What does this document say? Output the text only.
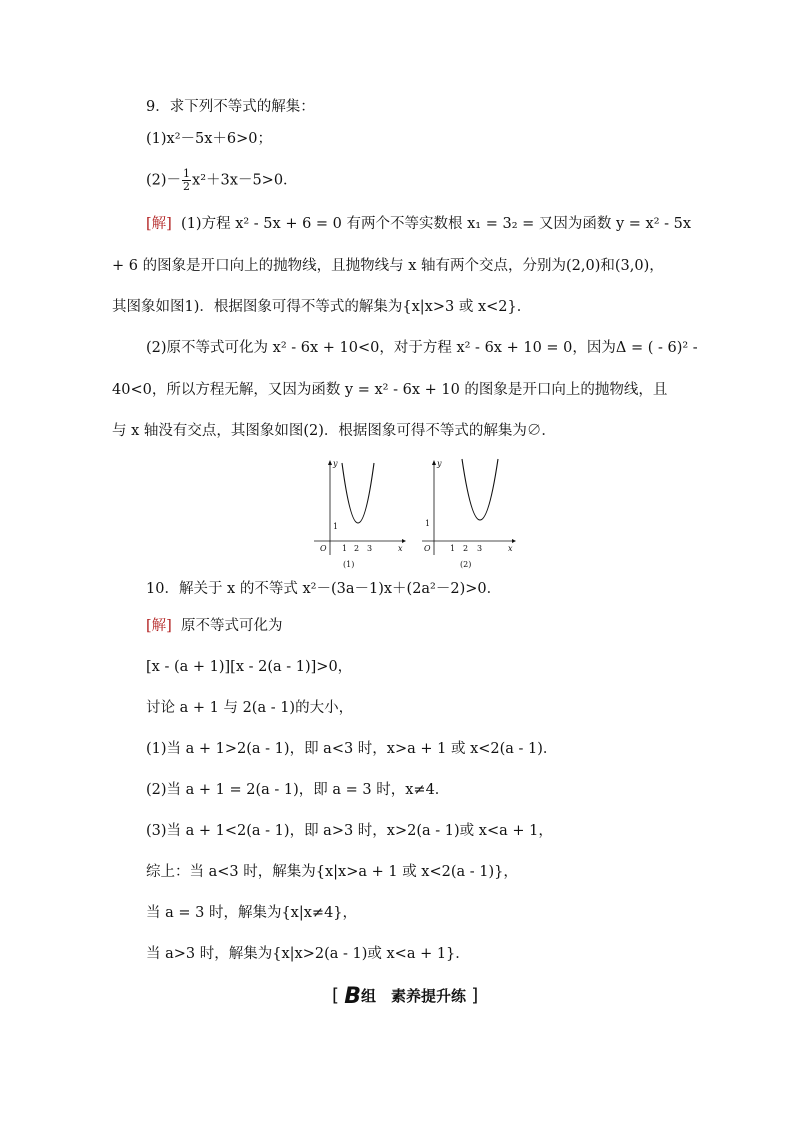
9．求下列不等式的解集：
(1)x²－5x＋6>0；
$(2)- \frac{1}{2} x^2+3x-5>0$．
[解] (1)方程 x² - 5x + 6 = 0 有两个不等实数根 x₁ = 3₂ = 又因为函数 y = x² - 5x
+ 6 的图象是开口向上的抛物线，且抛物线与 x 轴有两个交点，分别为(2,0)和(3,0)，
其图象如图1)．根据图象可得不等式的解集为{x|x>3 或 x<2}．
(2)原不等式可化为 x² - 6x + 10<0，对于方程 x² - 6x + 10 = 0，因为Δ = ( - 6)² -
40<0，所以方程无解，又因为函数 y = x² - 6x + 10 的图象是开口向上的抛物线，且
与 x 轴没有交点，其图象如图(2)．根据图象可得不等式的解集为∅．
y
x
O
1
1 2 3
(1)
y
x
O
1
1 2 3
(2)
10．解关于 x 的不等式 x²－(3a－1)x＋(2a²－2)>0．
[解] 原不等式可化为
[x - (a + 1)][x - 2(a - 1)]>0，
讨论 a + 1 与 2(a - 1)的大小，
(1)当 a + 1>2(a - 1)，即 a<3 时，x>a + 1 或 x<2(a - 1)．
(2)当 a + 1 = 2(a - 1)，即 a = 3 时，x≠4．
(3)当 a + 1<2(a - 1)，即 a>3 时，x>2(a - 1)或 x<a + 1，
综上：当 a<3 时，解集为{x|x>a + 1 或 x<2(a - 1)}，
当 a = 3 时，解集为{x|x≠4}，
当 a>3 时，解集为{x|x>2(a - 1)或 x<a + 1}．
[ B组　素养提升练 ]
